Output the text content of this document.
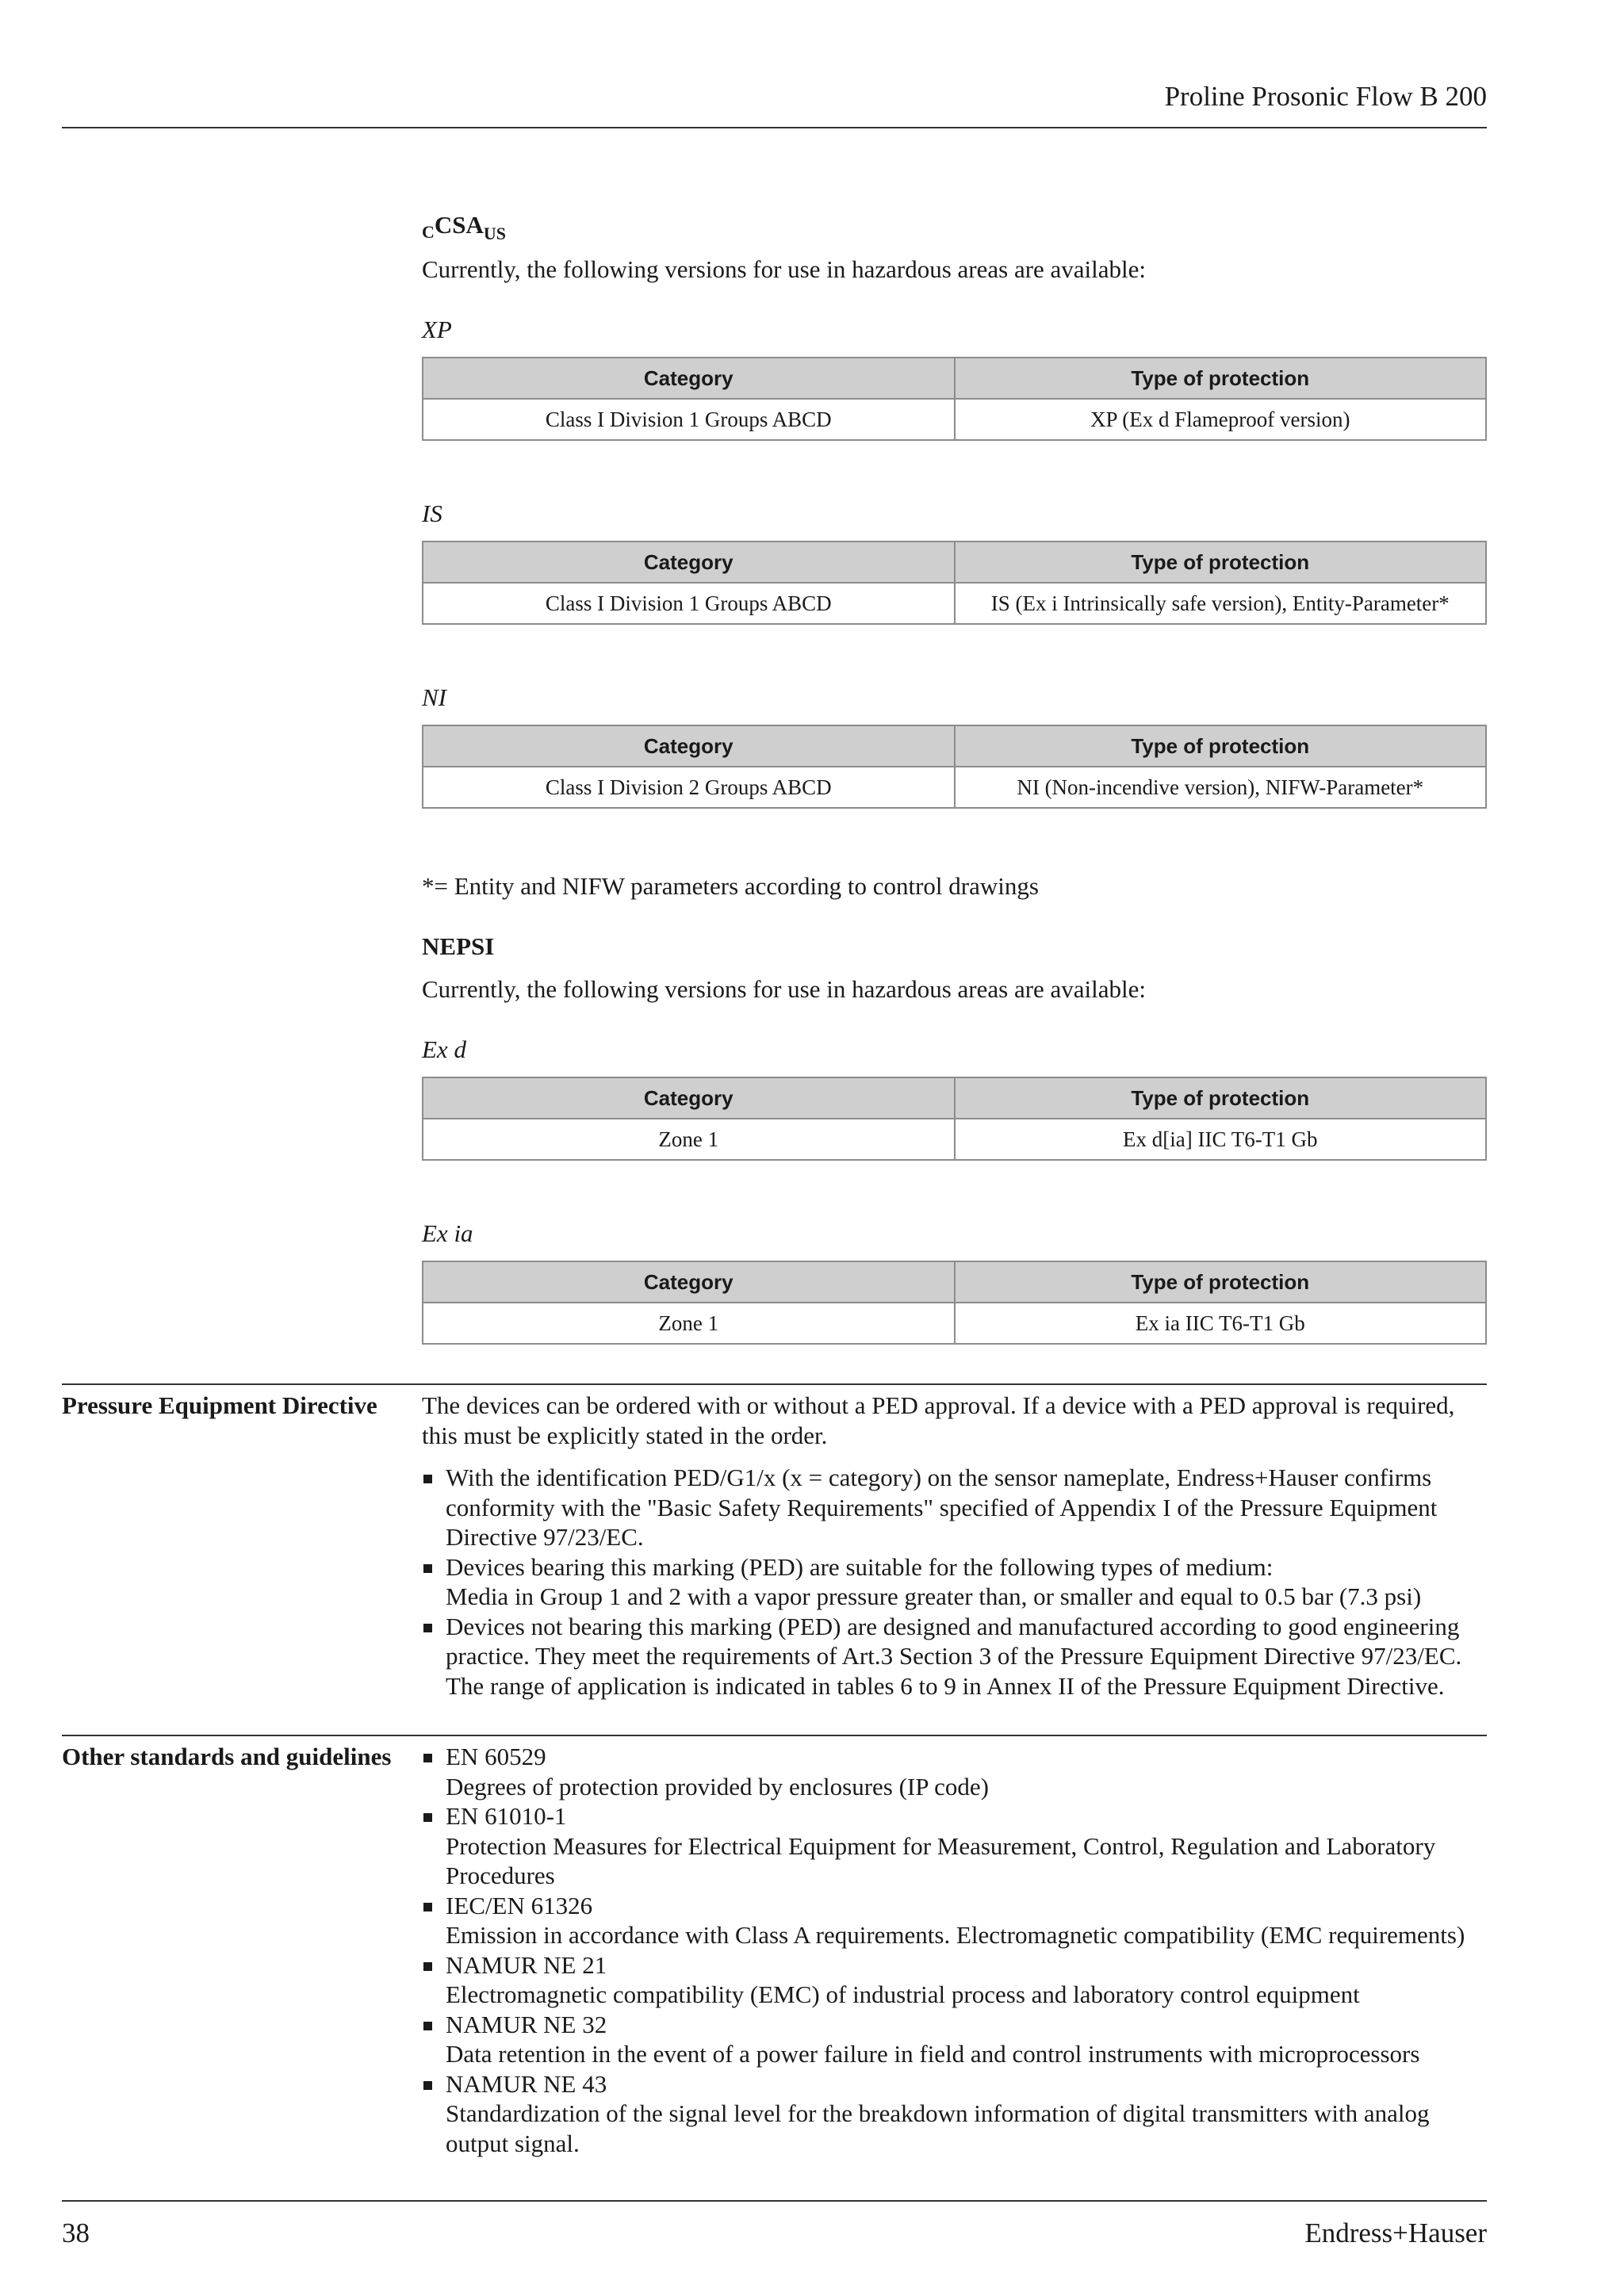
Proline Prosonic Flow B 200
$_CCSA_{US}$
Currently, the following versions for use in hazardous areas are available:
XP
Category	Type of protection
Class I Division 1 Groups ABCD	XP (Ex d Flameproof version)
IS
Category	Type of protection
Class I Division 1 Groups ABCD	IS (Ex i Intrinsically safe version), Entity-Parameter*
NI
Category	Type of protection
Class I Division 2 Groups ABCD	NI (Non-incendive version), NIFW-Parameter*
*= Entity and NIFW parameters according to control drawings
NEPSI
Currently, the following versions for use in hazardous areas are available:
Ex d
Category	Type of protection
Zone 1	Ex d[ia] IIC T6-T1 Gb
Ex ia
Category	Type of protection
Zone 1	Ex ia IIC T6-T1 Gb
Pressure Equipment Directive	The devices can be ordered with or without a PED approval. If a device with a PED approval is required, this must be explicitly stated in the order.

With the identification PED/G1/x (x = category) on the sensor nameplate, Endress+Hauser confirms conformity with the "Basic Safety Requirements" specified of Appendix I of the Pressure Equipment Directive 97/23/EC.
Devices bearing this marking (PED) are suitable for the following types of medium:
Media in Group 1 and 2 with a vapor pressure greater than, or smaller and equal to 0.5 bar (7.3 psi)
Devices not bearing this marking (PED) are designed and manufactured according to good engineering practice. They meet the requirements of Art.3 Section 3 of the Pressure Equipment Directive 97/23/EC. The range of application is indicated in tables 6 to 9 in Annex II of the Pressure Equipment Directive.
Other standards and guidelines	EN 60529
Degrees of protection provided by enclosures (IP code)
EN 61010-1
Protection Measures for Electrical Equipment for Measurement, Control, Regulation and Laboratory Procedures
IEC/EN 61326
Emission in accordance with Class A requirements. Electromagnetic compatibility (EMC requirements)
NAMUR NE 21
Electromagnetic compatibility (EMC) of industrial process and laboratory control equipment
NAMUR NE 32
Data retention in the event of a power failure in field and control instruments with microprocessors
NAMUR NE 43
Standardization of the signal level for the breakdown information of digital transmitters with analog output signal.
38	Endress+Hauser
